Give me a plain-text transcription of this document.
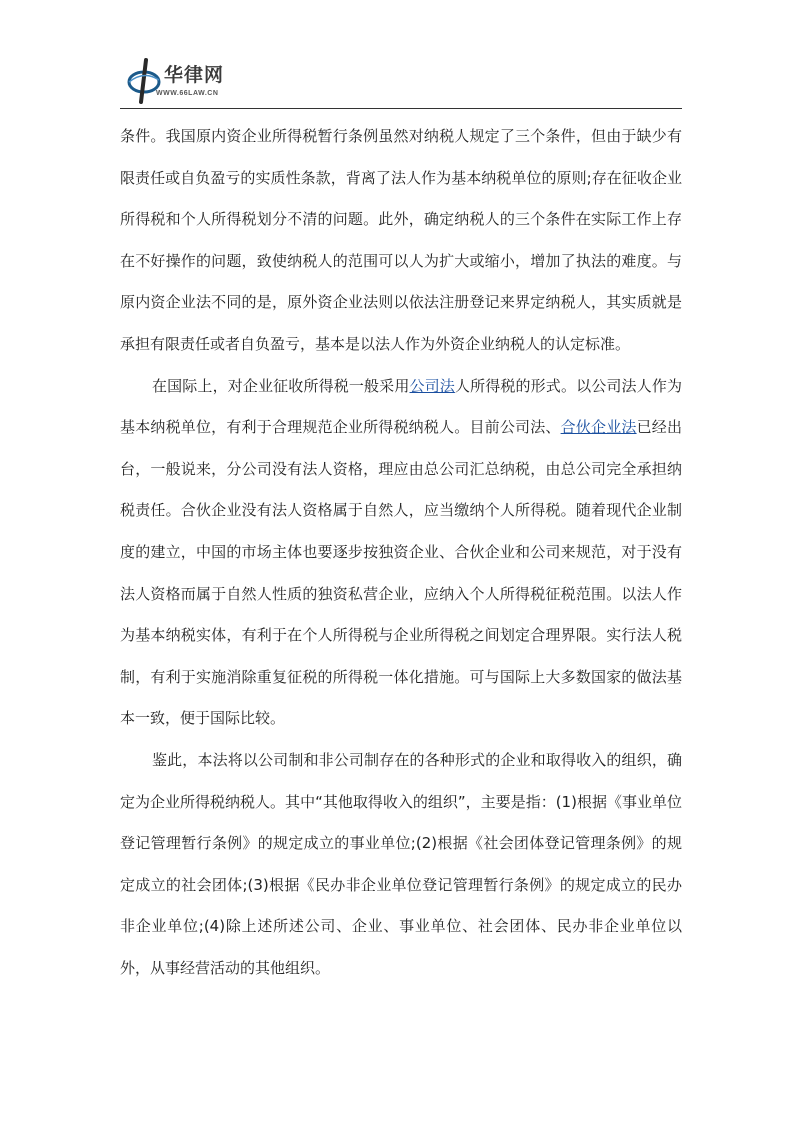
华律网
WWW.66LAW.CN

条件。我国原内资企业所得税暂行条例虽然对纳税人规定了三个条件，但由于缺少有限责任或自负盈亏的实质性条款，背离了法人作为基本纳税单位的原则;存在征收企业所得税和个人所得税划分不清的问题。此外，确定纳税人的三个条件在实际工作上存在不好操作的问题，致使纳税人的范围可以人为扩大或缩小，增加了执法的难度。与原内资企业法不同的是，原外资企业法则以依法注册登记来界定纳税人，其实质就是承担有限责任或者自负盈亏，基本是以法人作为外资企业纳税人的认定标准。

在国际上，对企业征收所得税一般采用公司法人所得税的形式。以公司法人作为基本纳税单位，有利于合理规范企业所得税纳税人。目前公司法、合伙企业法已经出台，一般说来，分公司没有法人资格，理应由总公司汇总纳税，由总公司完全承担纳税责任。合伙企业没有法人资格属于自然人，应当缴纳个人所得税。随着现代企业制度的建立，中国的市场主体也要逐步按独资企业、合伙企业和公司来规范，对于没有法人资格而属于自然人性质的独资私营企业，应纳入个人所得税征税范围。以法人作为基本纳税实体，有利于在个人所得税与企业所得税之间划定合理界限。实行法人税制，有利于实施消除重复征税的所得税一体化措施。可与国际上大多数国家的做法基本一致，便于国际比较。

鉴此，本法将以公司制和非公司制存在的各种形式的企业和取得收入的组织，确定为企业所得税纳税人。其中“其他取得收入的组织”，主要是指：(1)根据《事业单位登记管理暂行条例》的规定成立的事业单位;(2)根据《社会团体登记管理条例》的规定成立的社会团体;(3)根据《民办非企业单位登记管理暂行条例》的规定成立的民办非企业单位;(4)除上述所述公司、企业、事业单位、社会团体、民办非企业单位以外，从事经营活动的其他组织。
